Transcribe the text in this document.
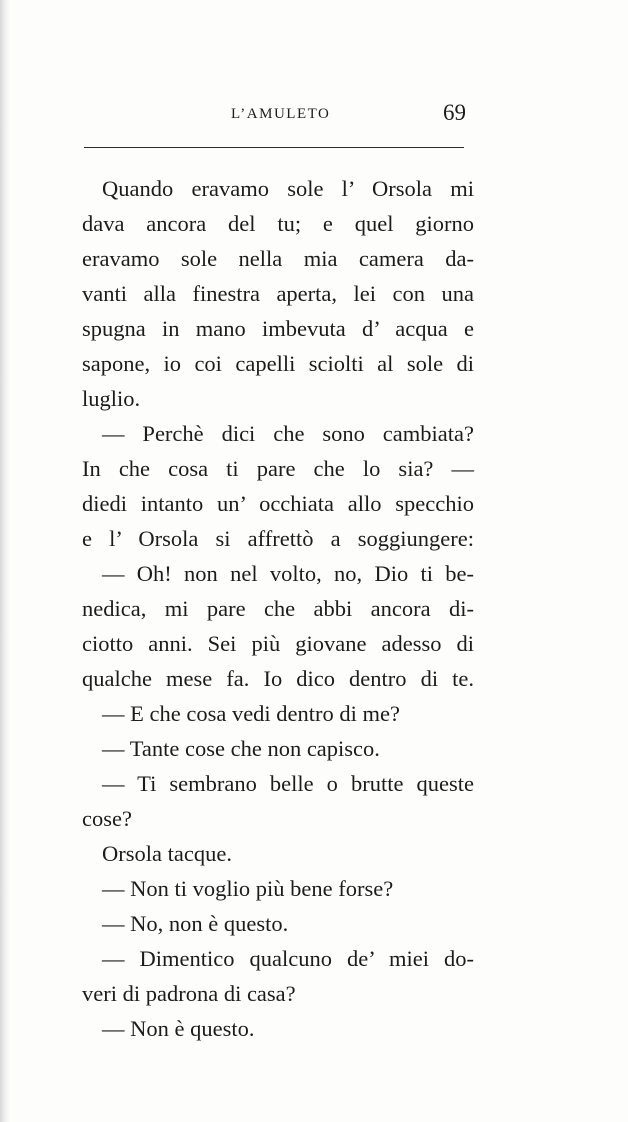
L’AMULETO	69
Quando eravamo sole l’ Orsola mi
dava ancora del tu; e quel giorno
eravamo sole nella mia camera da-
vanti alla finestra aperta, lei con una
spugna in mano imbevuta d’ acqua e
sapone, io coi capelli sciolti al sole di
luglio.
— Perchè dici che sono cambiata?
In che cosa ti pare che lo sia? —
diedi intanto un’ occhiata allo specchio
e l’ Orsola si affrettò a soggiungere:
— Oh! non nel volto, no, Dio ti be-
nedica, mi pare che abbi ancora di-
ciotto anni. Sei più giovane adesso di
qualche mese fa. Io dico dentro di te.
— E che cosa vedi dentro di me?
— Tante cose che non capisco.
— Ti sembrano belle o brutte queste
cose?
Orsola tacque.
— Non ti voglio più bene forse?
— No, non è questo.
— Dimentico qualcuno de’ miei do-
veri di padrona di casa?
— Non è questo.
